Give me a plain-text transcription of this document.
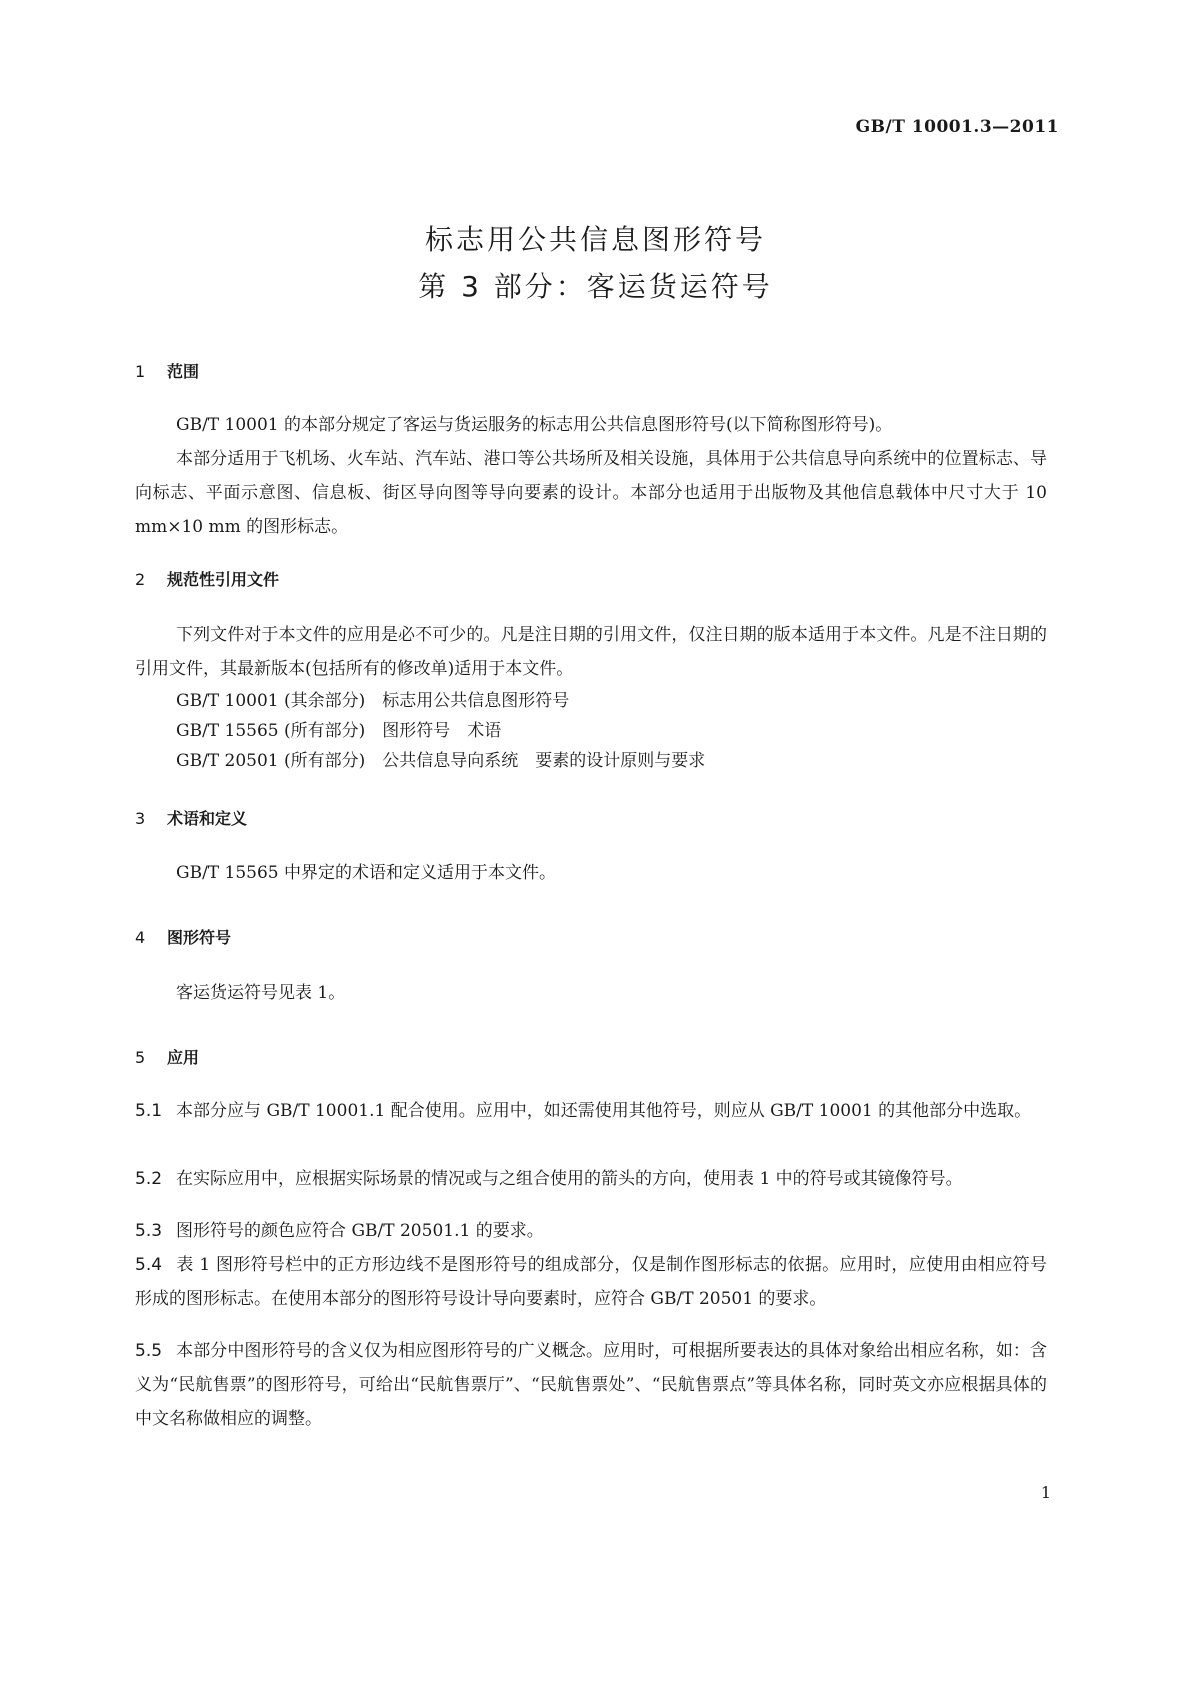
GB/T 10001.3—2011
标志用公共信息图形符号
第 3 部分：客运货运符号
1 范围
GB/T 10001 的本部分规定了客运与货运服务的标志用公共信息图形符号(以下简称图形符号)。
本部分适用于飞机场、火车站、汽车站、港口等公共场所及相关设施，具体用于公共信息导向系统中的位置标志、导向标志、平面示意图、信息板、街区导向图等导向要素的设计。本部分也适用于出版物及其他信息载体中尺寸大于 10 mm×10 mm 的图形标志。
2 规范性引用文件
下列文件对于本文件的应用是必不可少的。凡是注日期的引用文件，仅注日期的版本适用于本文件。凡是不注日期的引用文件，其最新版本(包括所有的修改单)适用于本文件。
GB/T 10001 (其余部分)　标志用公共信息图形符号
GB/T 15565 (所有部分)　图形符号　术语
GB/T 20501 (所有部分)　公共信息导向系统　要素的设计原则与要求
3 术语和定义
GB/T 15565 中界定的术语和定义适用于本文件。
4 图形符号
客运货运符号见表 1。
5 应用
5.1 本部分应与 GB/T 10001.1 配合使用。应用中，如还需使用其他符号，则应从 GB/T 10001 的其他部分中选取。
5.2 在实际应用中，应根据实际场景的情况或与之组合使用的箭头的方向，使用表 1 中的符号或其镜像符号。
5.3 图形符号的颜色应符合 GB/T 20501.1 的要求。
5.4 表 1 图形符号栏中的正方形边线不是图形符号的组成部分，仅是制作图形标志的依据。应用时，应使用由相应符号形成的图形标志。在使用本部分的图形符号设计导向要素时，应符合 GB/T 20501 的要求。
5.5 本部分中图形符号的含义仅为相应图形符号的广义概念。应用时，可根据所要表达的具体对象给出相应名称，如：含义为“民航售票”的图形符号，可给出“民航售票厅”、“民航售票处”、“民航售票点”等具体名称，同时英文亦应根据具体的中文名称做相应的调整。
1
